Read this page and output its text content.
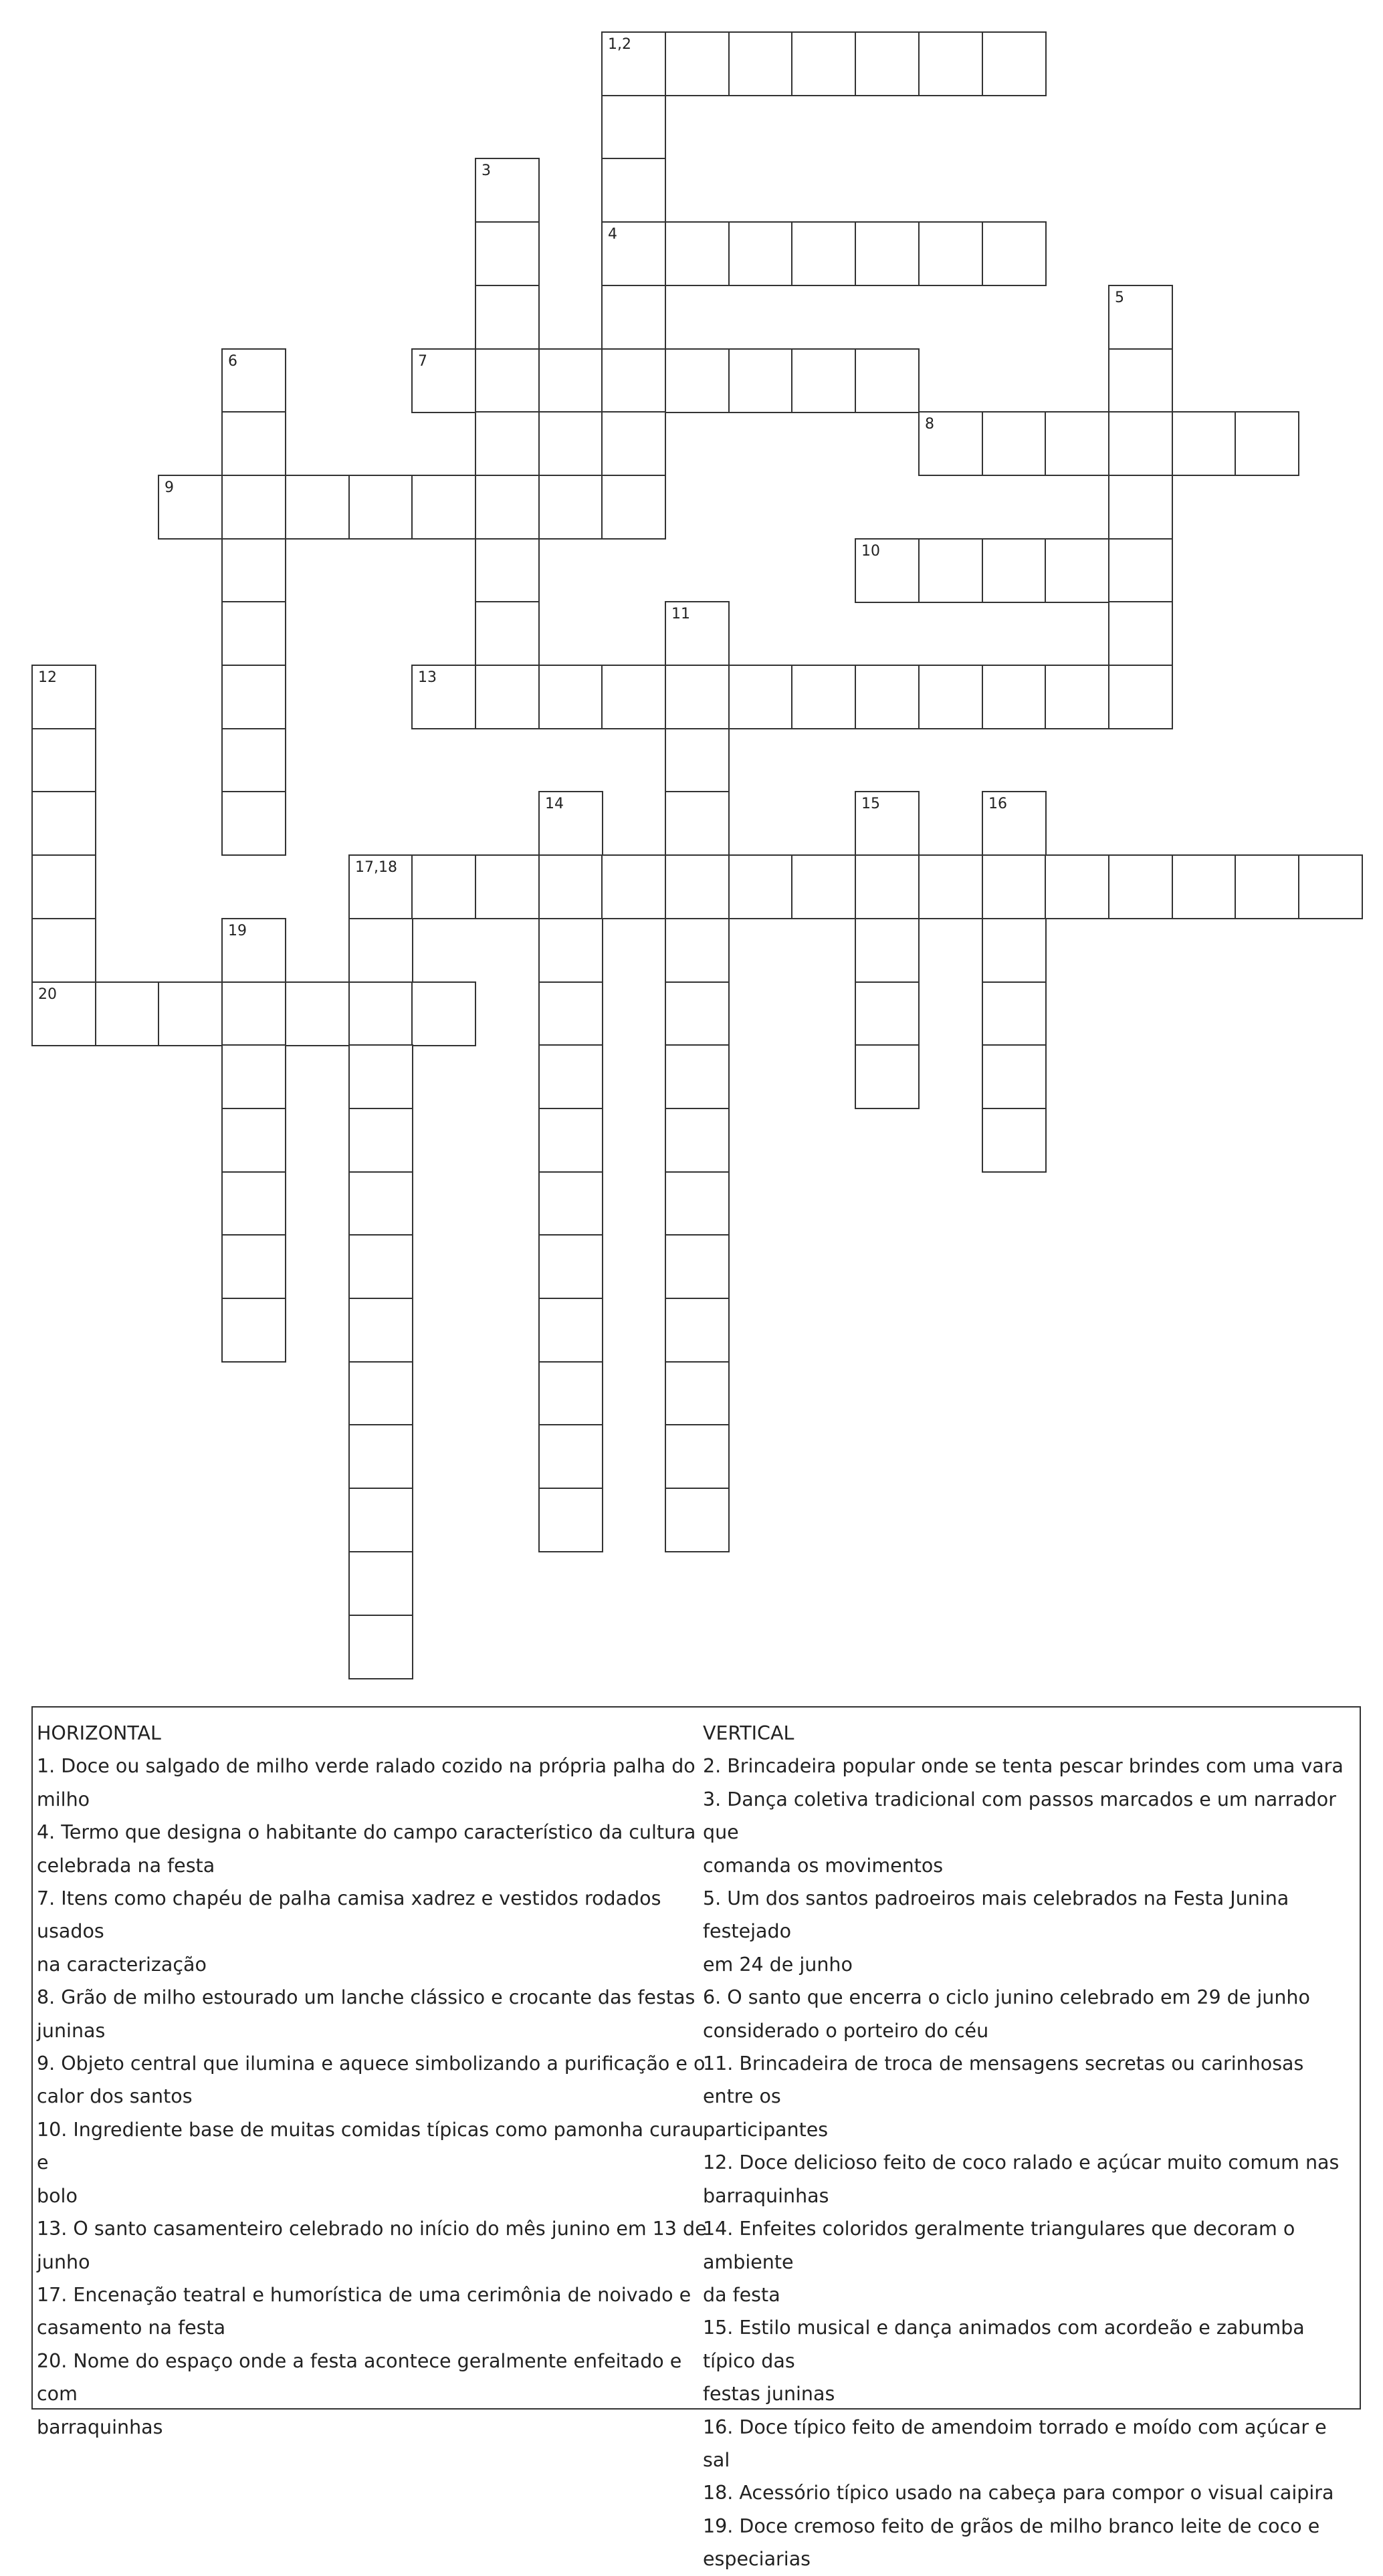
1,2
3
4
5
6	7
8
9
10
11
12	13
14	15	16
17,18
19
20

HORIZONTAL

1. Doce ou salgado de milho verde ralado cozido na própria palha do

milho

4. Termo que designa o habitante do campo característico da cultura

celebrada na festa

7. Itens como chapéu de palha camisa xadrez e vestidos rodados usados

na caracterização

8. Grão de milho estourado um lanche clássico e crocante das festas

juninas

9. Objeto central que ilumina e aquece simbolizando a purificação e o

calor dos santos

10. Ingrediente base de muitas comidas típicas como pamonha curau e

bolo

13. O santo casamenteiro celebrado no início do mês junino em 13 de

junho

17. Encenação teatral e humorística de uma cerimônia de noivado e

casamento na festa

20. Nome do espaço onde a festa acontece geralmente enfeitado e com

barraquinhas

VERTICAL

2. Brincadeira popular onde se tenta pescar brindes com uma vara

3. Dança coletiva tradicional com passos marcados e um narrador que

comanda os movimentos

5. Um dos santos padroeiros mais celebrados na Festa Junina festejado

em 24 de junho

6. O santo que encerra o ciclo junino celebrado em 29 de junho

considerado o porteiro do céu

11. Brincadeira de troca de mensagens secretas ou carinhosas entre os

participantes

12. Doce delicioso feito de coco ralado e açúcar muito comum nas

barraquinhas

14. Enfeites coloridos geralmente triangulares que decoram o ambiente

da festa

15. Estilo musical e dança animados com acordeão e zabumba típico das

festas juninas

16. Doce típico feito de amendoim torrado e moído com açúcar e sal

18. Acessório típico usado na cabeça para compor o visual caipira

19. Doce cremoso feito de grãos de milho branco leite de coco e

especiarias
